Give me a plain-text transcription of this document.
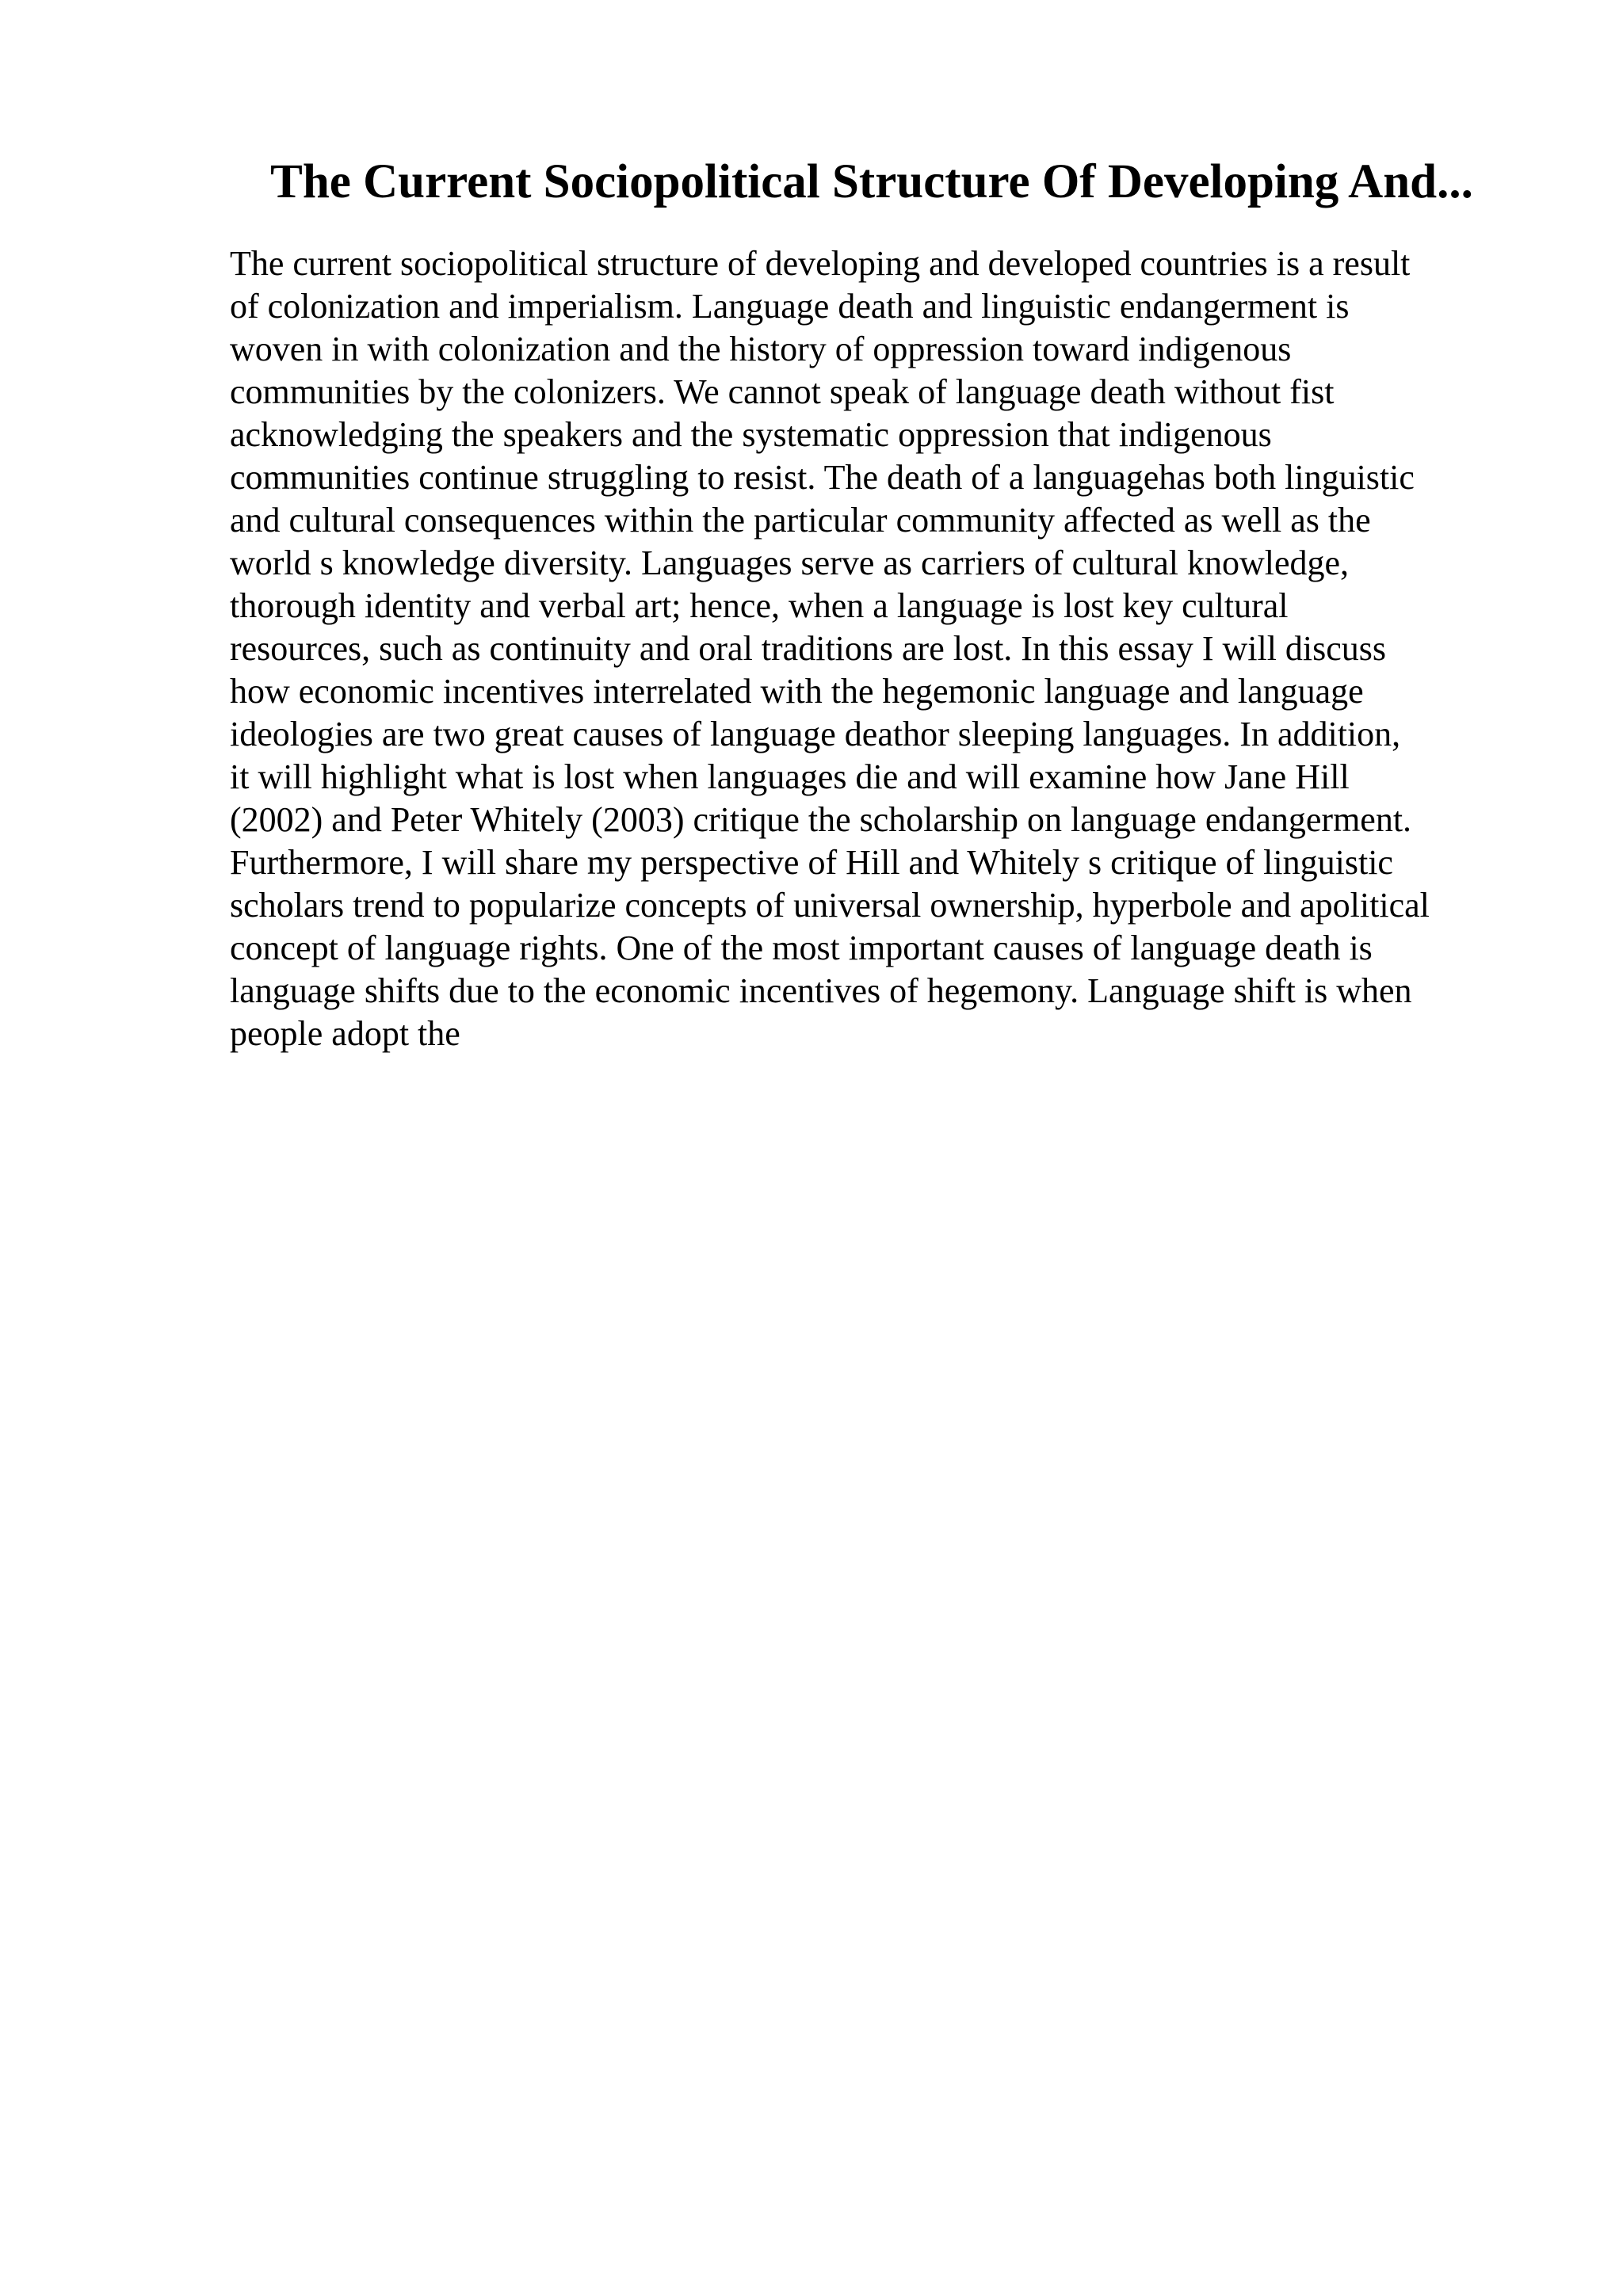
The Current Sociopolitical Structure Of Developing And...
The current sociopolitical structure of developing and developed countries is a result
of colonization and imperialism. Language death and linguistic endangerment is
woven in with colonization and the history of oppression toward indigenous
communities by the colonizers. We cannot speak of language death without fist
acknowledging the speakers and the systematic oppression that indigenous
communities continue struggling to resist. The death of a languagehas both linguistic
and cultural consequences within the particular community affected as well as the
world s knowledge diversity. Languages serve as carriers of cultural knowledge,
thorough identity and verbal art; hence, when a language is lost key cultural
resources, such as continuity and oral traditions are lost. In this essay I will discuss
how economic incentives interrelated with the hegemonic language and language
ideologies are two great causes of language deathor sleeping languages. In addition,
it will highlight what is lost when languages die and will examine how Jane Hill
(2002) and Peter Whitely (2003) critique the scholarship on language endangerment.
Furthermore, I will share my perspective of Hill and Whitely s critique of linguistic
scholars trend to popularize concepts of universal ownership, hyperbole and apolitical
concept of language rights. One of the most important causes of language death is
language shifts due to the economic incentives of hegemony. Language shift is when
people adopt the
